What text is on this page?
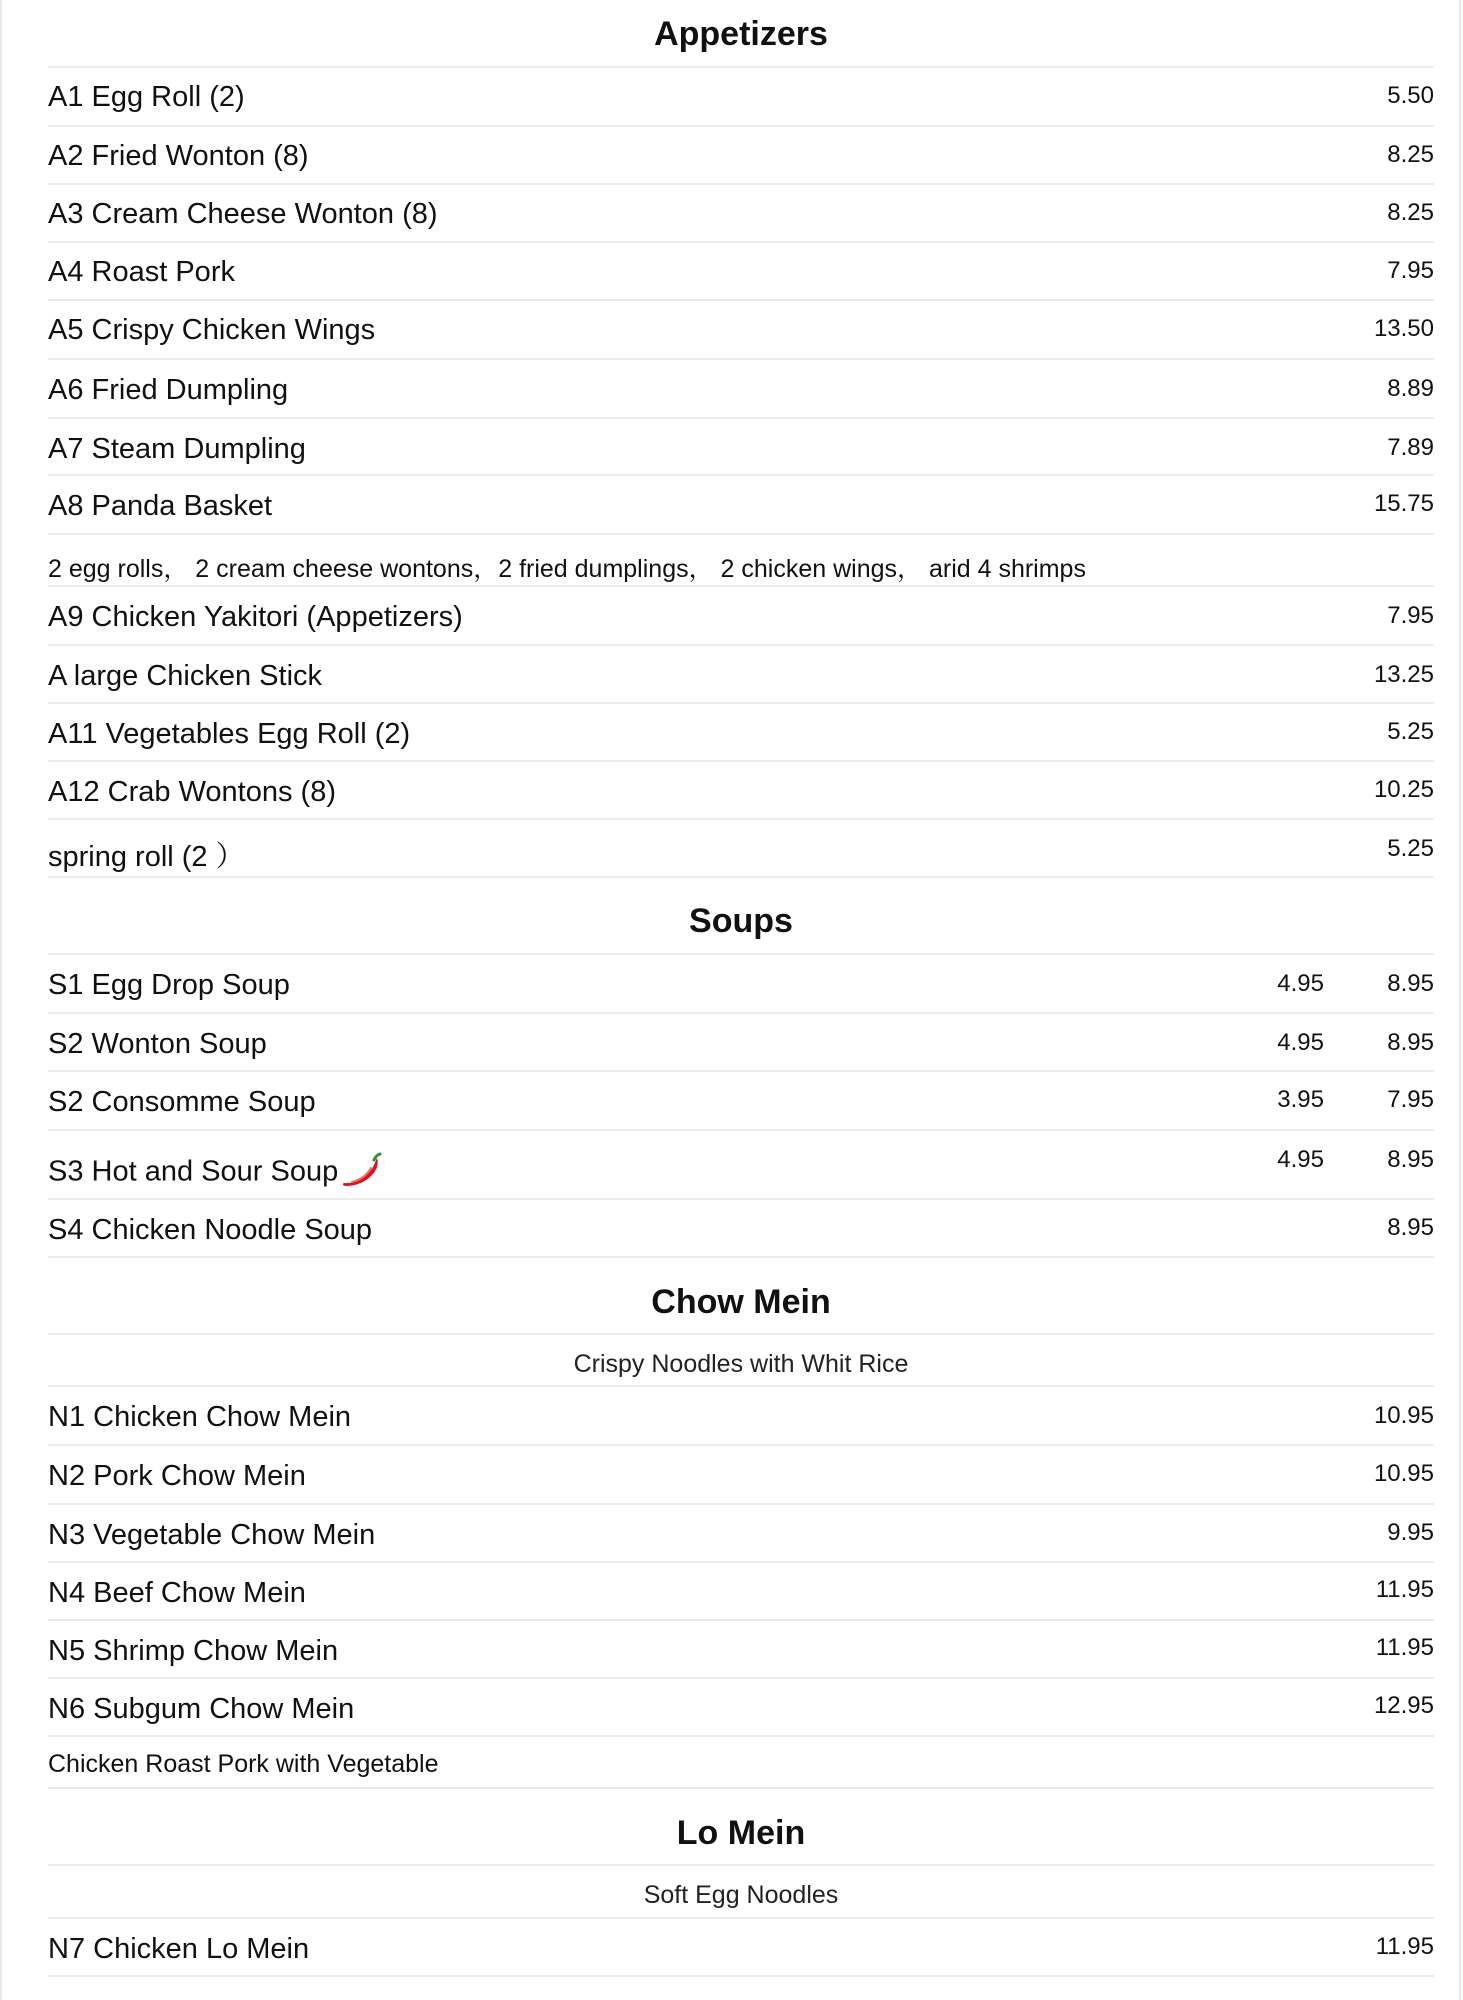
Appetizers
A1 Egg Roll (2)	5.50
A2 Fried Wonton (8)	8.25
A3 Cream Cheese Wonton (8)	8.25
A4 Roast Pork	7.95
A5 Crispy Chicken Wings	13.50
A6 Fried Dumpling	8.89
A7 Steam Dumpling	7.89
A8 Panda Basket	15.75
2 egg rolls， 2 cream cheese wontons，2 fried dumplings， 2 chicken wings， arid 4 shrimps
A9 Chicken Yakitori (Appetizers)	7.95
A large Chicken Stick	13.25
A11 Vegetables Egg Roll (2)	5.25
A12 Crab Wontons (8)	10.25
spring roll (2 ）	5.25
Soups
S1 Egg Drop Soup	4.95	8.95
S2 Wonton Soup	4.95	8.95
S2 Consomme Soup	3.95	7.95
S3 Hot and Sour Soup	4.95	8.95
S4 Chicken Noodle Soup	8.95
Chow Mein
Crispy Noodles with Whit Rice
N1 Chicken Chow Mein	10.95
N2 Pork Chow Mein	10.95
N3 Vegetable Chow Mein	9.95
N4 Beef Chow Mein	11.95
N5 Shrimp Chow Mein	11.95
N6 Subgum Chow Mein	12.95
Chicken Roast Pork with Vegetable
Lo Mein
Soft Egg Noodles
N7 Chicken Lo Mein	11.95
